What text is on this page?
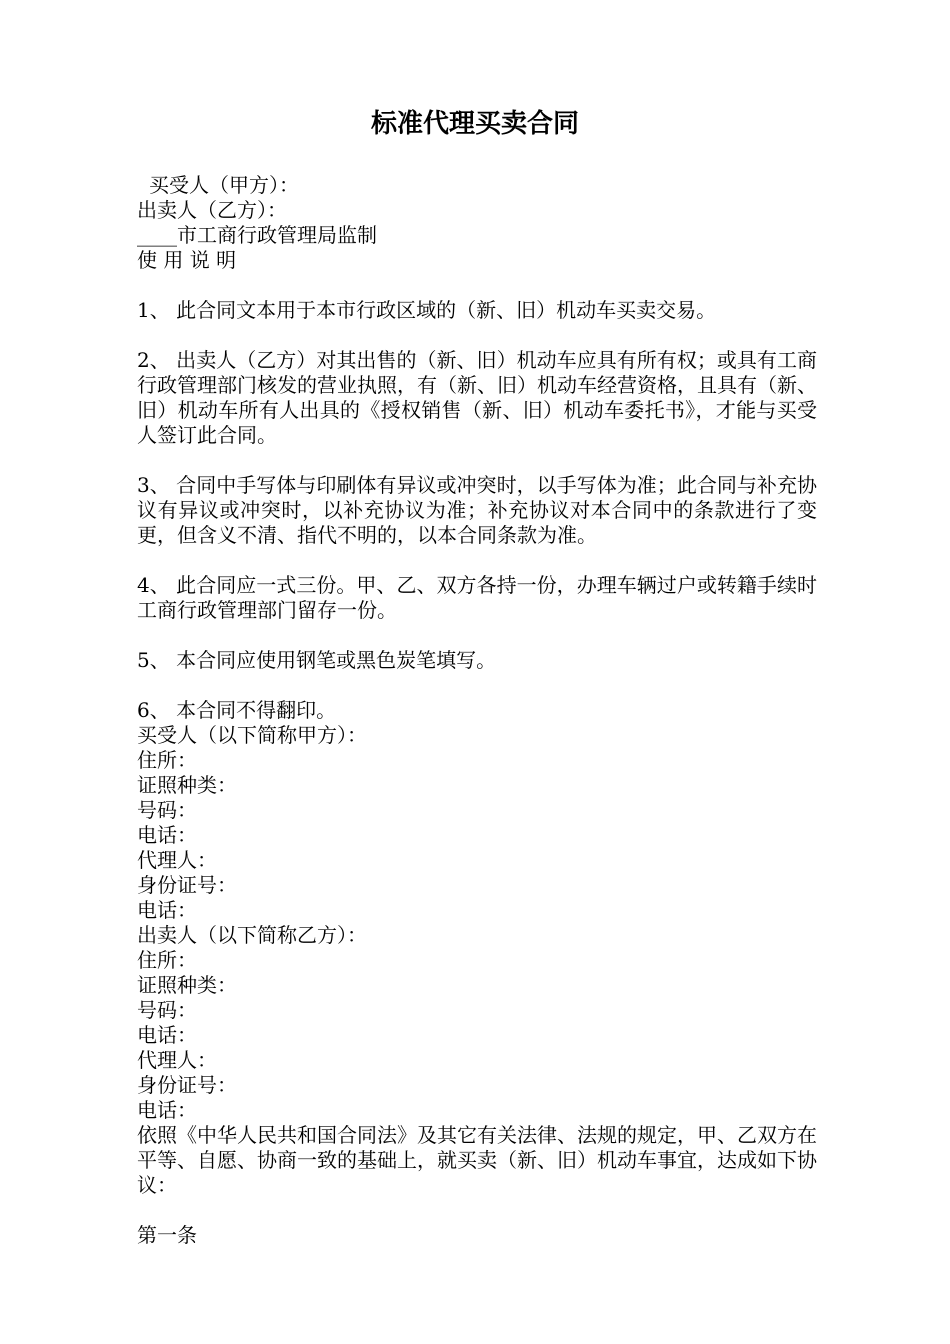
标准代理买卖合同
买受人（甲方）：
出卖人（乙方）：
____市工商行政管理局监制
使 用 说 明
1、 此合同文本用于本市行政区域的（新、旧）机动车买卖交易。
2、 出卖人（乙方）对其出售的（新、旧）机动车应具有所有权；或具有工商行政管理部门核发的营业执照，有（新、旧）机动车经营资格，且具有（新、旧）机动车所有人出具的《授权销售（新、旧）机动车委托书》，才能与买受人签订此合同。
3、 合同中手写体与印刷体有异议或冲突时，以手写体为准；此合同与补充协议有异议或冲突时，以补充协议为准；补充协议对本合同中的条款进行了变更，但含义不清、指代不明的，以本合同条款为准。
4、 此合同应一式三份。甲、乙、双方各持一份，办理车辆过户或转籍手续时工商行政管理部门留存一份。
5、 本合同应使用钢笔或黑色炭笔填写。
6、 本合同不得翻印。
买受人（以下简称甲方）：
住所：
证照种类：
号码：
电话：
代理人：
身份证号：
电话：
出卖人（以下简称乙方）：
住所：
证照种类：
号码：
电话：
代理人：
身份证号：
电话：
依照《中华人民共和国合同法》及其它有关法律、法规的规定，甲、乙双方在平等、自愿、协商一致的基础上，就买卖（新、旧）机动车事宜，达成如下协议：
第一条
